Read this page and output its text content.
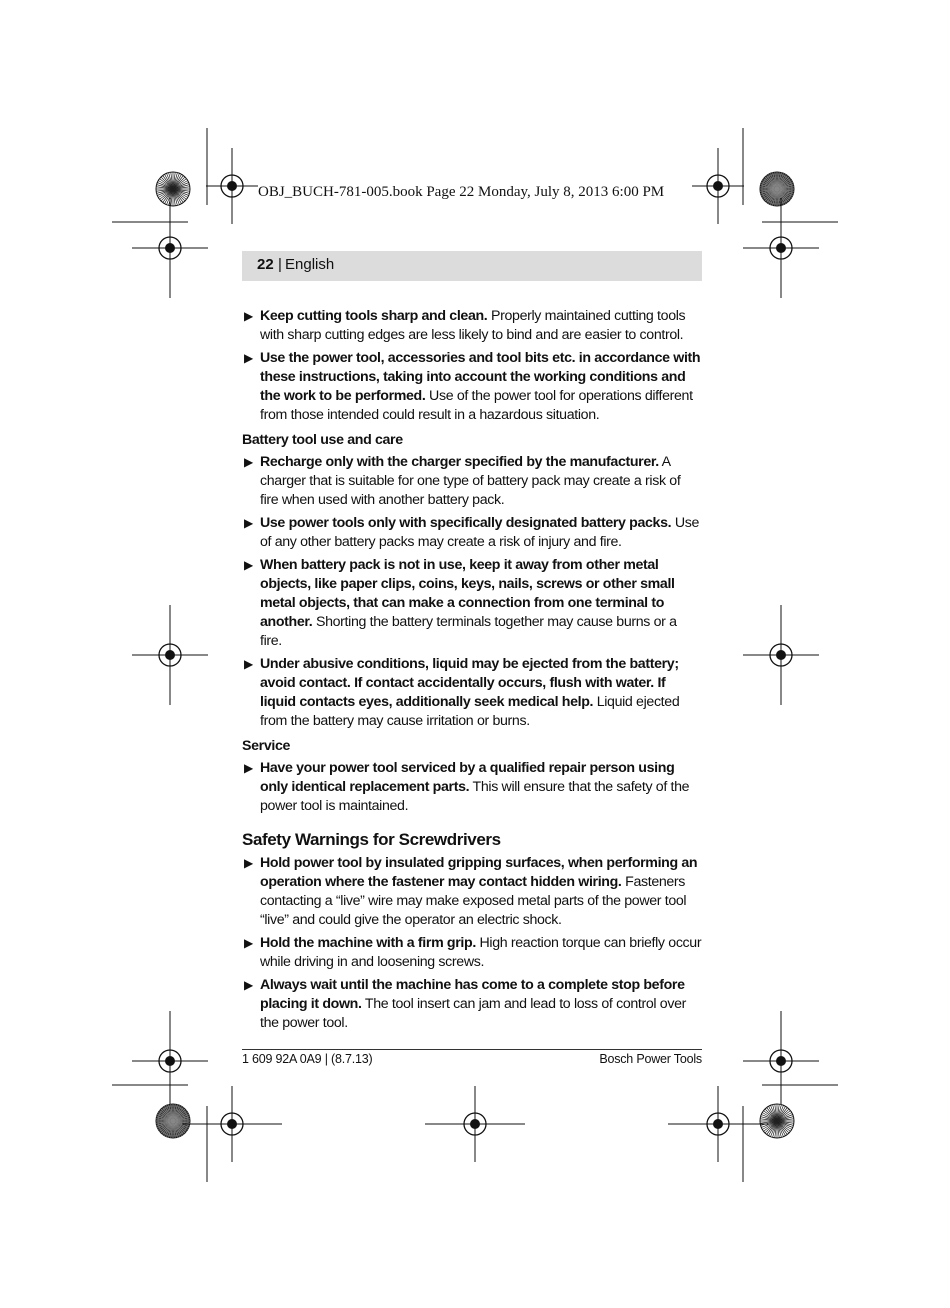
OBJ_BUCH-781-005.book Page 22 Monday, July 8, 2013 6:00 PM
22 | English
▶ Keep cutting tools sharp and clean. Properly maintained cutting tools with sharp cutting edges are less likely to bind and are easier to control.
▶ Use the power tool, accessories and tool bits etc. in accordance with these instructions, taking into account the working conditions and the work to be performed. Use of the power tool for operations different from those intended could result in a hazardous situation.
Battery tool use and care
▶ Recharge only with the charger specified by the manufacturer. A charger that is suitable for one type of battery pack may create a risk of fire when used with another battery pack.
▶ Use power tools only with specifically designated battery packs. Use of any other battery packs may create a risk of injury and fire.
▶ When battery pack is not in use, keep it away from other metal objects, like paper clips, coins, keys, nails, screws or other small metal objects, that can make a connection from one terminal to another. Shorting the battery terminals together may cause burns or a fire.
▶ Under abusive conditions, liquid may be ejected from the battery; avoid contact. If contact accidentally occurs, flush with water. If liquid contacts eyes, additionally seek medical help. Liquid ejected from the battery may cause irritation or burns.
Service
▶ Have your power tool serviced by a qualified repair person using only identical replacement parts. This will ensure that the safety of the power tool is maintained.
Safety Warnings for Screwdrivers
▶ Hold power tool by insulated gripping surfaces, when performing an operation where the fastener may contact hidden wiring. Fasteners contacting a “live” wire may make exposed metal parts of the power tool “live” and could give the operator an electric shock.
▶ Hold the machine with a firm grip. High reaction torque can briefly occur while driving in and loosening screws.
▶ Always wait until the machine has come to a complete stop before placing it down. The tool insert can jam and lead to loss of control over the power tool.
1 609 92A 0A9 | (8.7.13)	Bosch Power Tools
